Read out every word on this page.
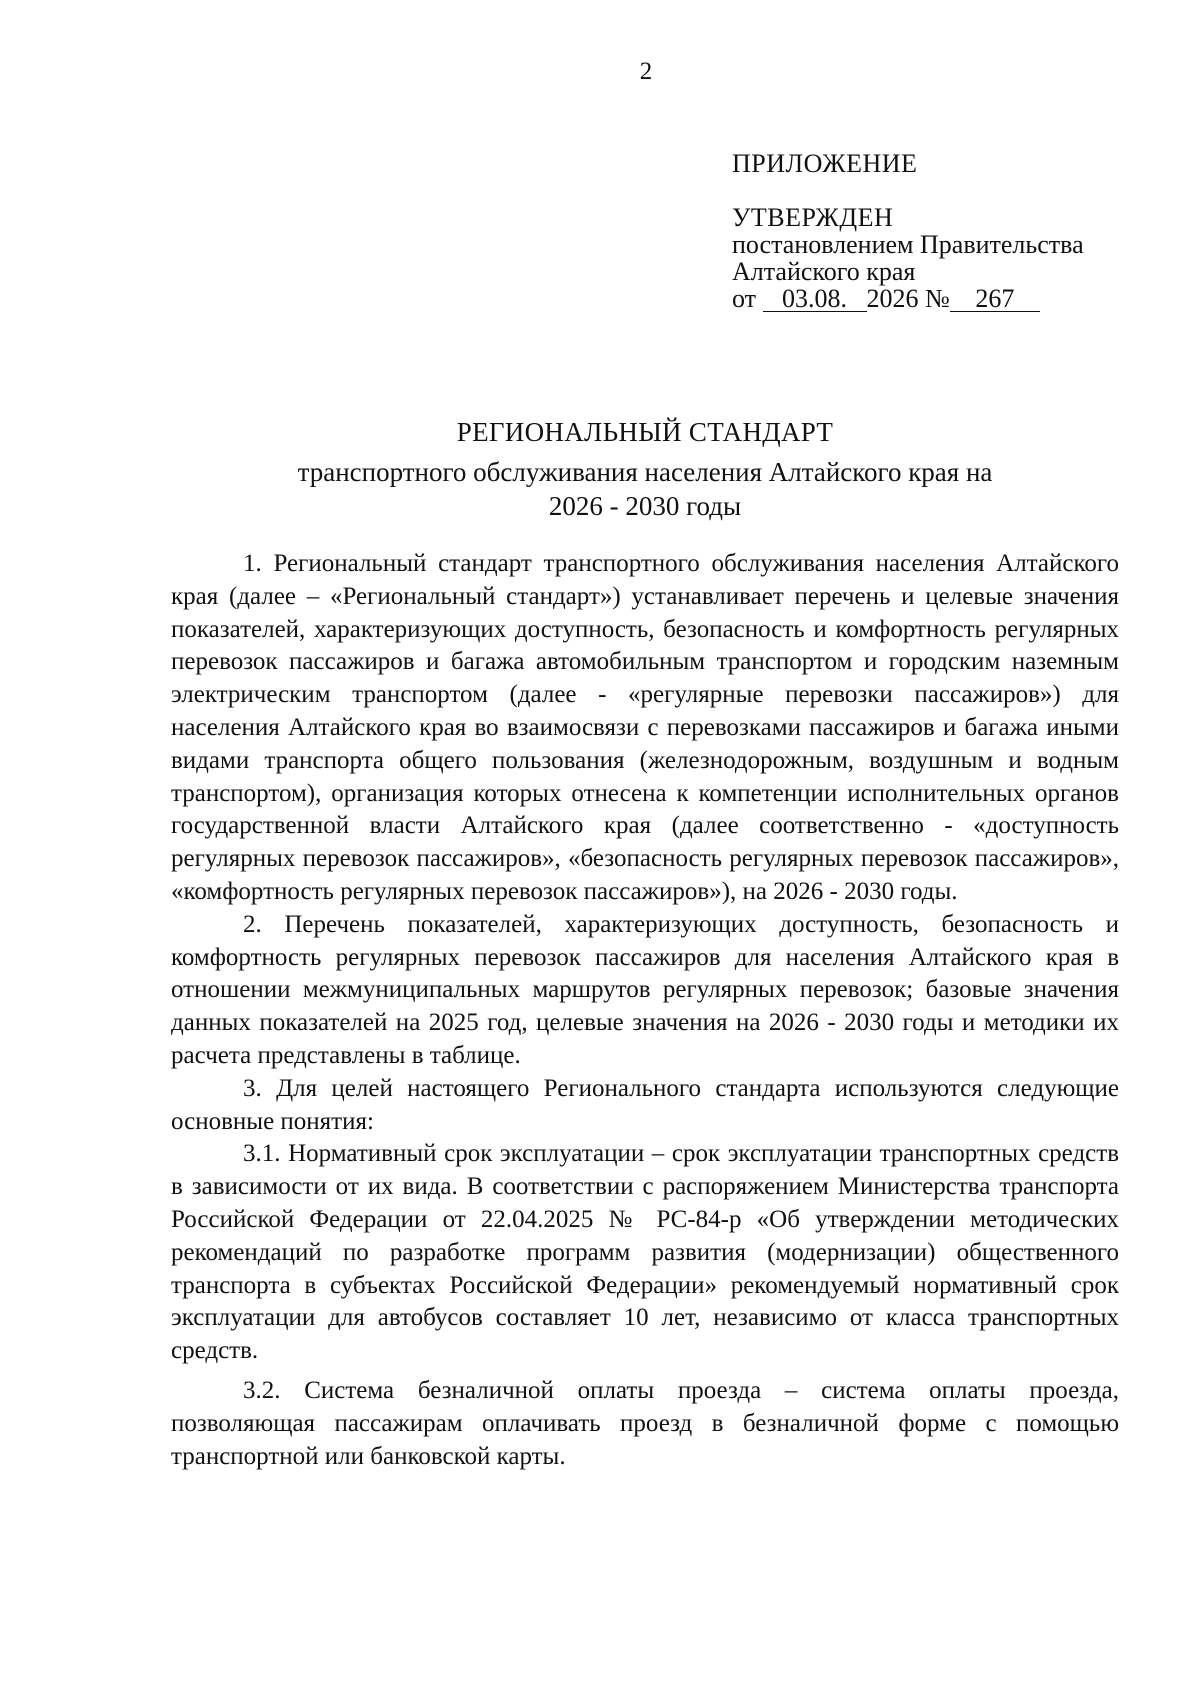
2
ПРИЛОЖЕНИЕ
УТВЕРЖДЕН
постановлением Правительства
Алтайского края
от 03.08. 2026 № 267
РЕГИОНАЛЬНЫЙ СТАНДАРТ
транспортного обслуживания населения Алтайского края на
2026 - 2030 годы

1. Региональный стандарт транспортного обслуживания населения Алтайского края (далее – «Региональный стандарт») устанавливает перечень и целевые значения показателей, характеризующих доступность, безопасность и комфортность регулярных перевозок пассажиров и багажа автомобильным транспортом и городским наземным электрическим транспортом (далее - «регулярные перевозки пассажиров») для населения Алтайского края во взаимосвязи с перевозками пассажиров и багажа иными видами транспорта общего пользования (железнодорожным, воздушным и водным транспортом), организация которых отнесена к компетенции исполнительных органов государственной власти Алтайского края (далее соответственно - «доступность регулярных перевозок пассажиров», «безопасность регулярных перевозок пассажиров», «комфортность регулярных перевозок пассажиров»), на 2026 - 2030 годы.

2. Перечень показателей, характеризующих доступность, безопасность и комфортность регулярных перевозок пассажиров для населения Алтайского края в отношении межмуниципальных маршрутов регулярных перевозок; базовые значения данных показателей на 2025 год, целевые значения на 2026 - 2030 годы и методики их расчета представлены в таблице.

3. Для целей настоящего Регионального стандарта используются следующие основные понятия:

3.1. Нормативный срок эксплуатации – срок эксплуатации транспортных средств в зависимости от их вида. В соответствии с распоряжением Министерства транспорта Российской Федерации от 22.04.2025 № РС-84-р «Об утверждении методических рекомендаций по разработке программ развития (модернизации) общественного транспорта в субъектах Российской Федерации» рекомендуемый нормативный срок эксплуатации для автобусов составляет 10 лет, независимо от класса транспортных средств.

3.2. Система безналичной оплаты проезда – система оплаты проезда, позволяющая пассажирам оплачивать проезд в безналичной форме с помощью транспортной или банковской карты.
